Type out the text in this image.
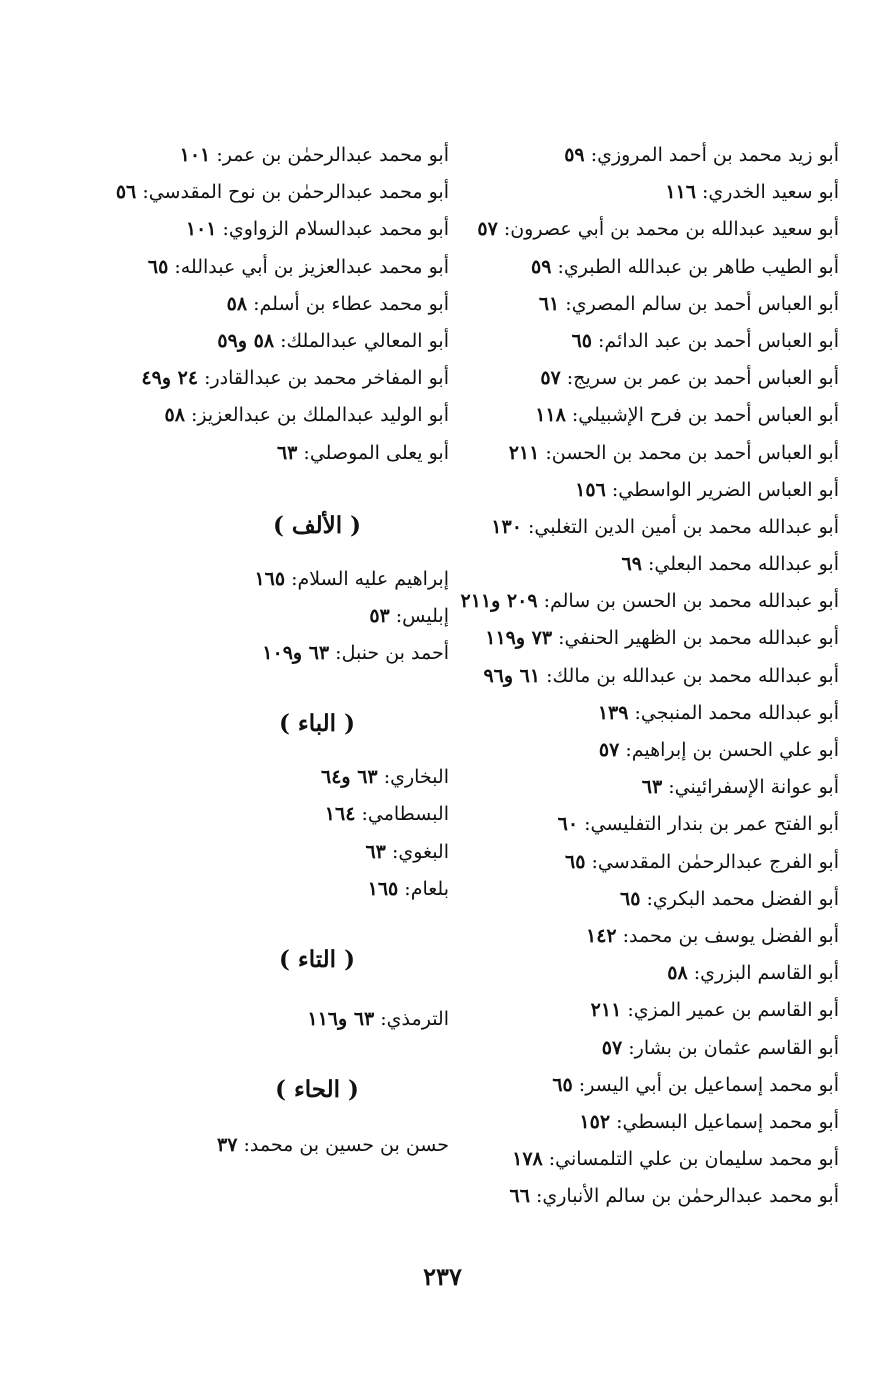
أبو زيد محمد بن أحمد المروزي: ٥٩
أبو سعيد الخدري: ١١٦
أبو سعيد عبدالله بن محمد بن أبي عصرون: ٥٧
أبو الطيب طاهر بن عبدالله الطبري: ٥٩
أبو العباس أحمد بن سالم المصري: ٦١
أبو العباس أحمد بن عبد الدائم: ٦٥
أبو العباس أحمد بن عمر بن سريج: ٥٧
أبو العباس أحمد بن فرح الإشبيلي: ١١٨
أبو العباس أحمد بن محمد بن الحسن: ٢١١
أبو العباس الضرير الواسطي: ١٥٦
أبو عبدالله محمد بن أمين الدين التغلبي: ١٣٠
أبو عبدالله محمد البعلي: ٦٩
أبو عبدالله محمد بن الحسن بن سالم: ٢٠٩ و٢١١
أبو عبدالله محمد بن الظهير الحنفي: ٧٣ و١١٩
أبو عبدالله محمد بن عبدالله بن مالك: ٦١ و٩٦
أبو عبدالله محمد المنبجي: ١٣٩
أبو علي الحسن بن إبراهيم: ٥٧
أبو عوانة الإسفرائيني: ٦٣
أبو الفتح عمر بن بندار التفليسي: ٦٠
أبو الفرج عبدالرحمٰن المقدسي: ٦٥
أبو الفضل محمد البكري: ٦٥
أبو الفضل يوسف بن محمد: ١٤٢
أبو القاسم البزري: ٥٨
أبو القاسم بن عمير المزي: ٢١١
أبو القاسم عثمان بن بشار: ٥٧
أبو محمد إسماعيل بن أبي اليسر: ٦٥
أبو محمد إسماعيل البسطي: ١٥٢
أبو محمد سليمان بن علي التلمساني: ١٧٨
أبو محمد عبدالرحمٰن بن سالم الأنباري: ٦٦
أبو محمد عبدالرحمٰن بن عمر: ١٠١
أبو محمد عبدالرحمٰن بن نوح المقدسي: ٥٦
أبو محمد عبدالسلام الزواوي: ١٠١
أبو محمد عبدالعزيز بن أبي عبدالله: ٦٥
أبو محمد عطاء بن أسلم: ٥٨
أبو المعالي عبدالملك: ٥٨ و٥٩
أبو المفاخر محمد بن عبدالقادر: ٢٤ و٤٩
أبو الوليد عبدالملك بن عبدالعزيز: ٥٨
أبو يعلى الموصلي: ٦٣
( الألف )
إبراهيم عليه السلام: ١٦٥
إبليس: ٥٣
أحمد بن حنبل: ٦٣ و١٠٩
( الباء )
البخاري: ٦٣ و٦٤
البسطامي: ١٦٤
البغوي: ٦٣
بلعام: ١٦٥
( التاء )
الترمذي: ٦٣ و١١٦
( الحاء )
حسن بن حسين بن محمد: ٣٧
٢٣٧
